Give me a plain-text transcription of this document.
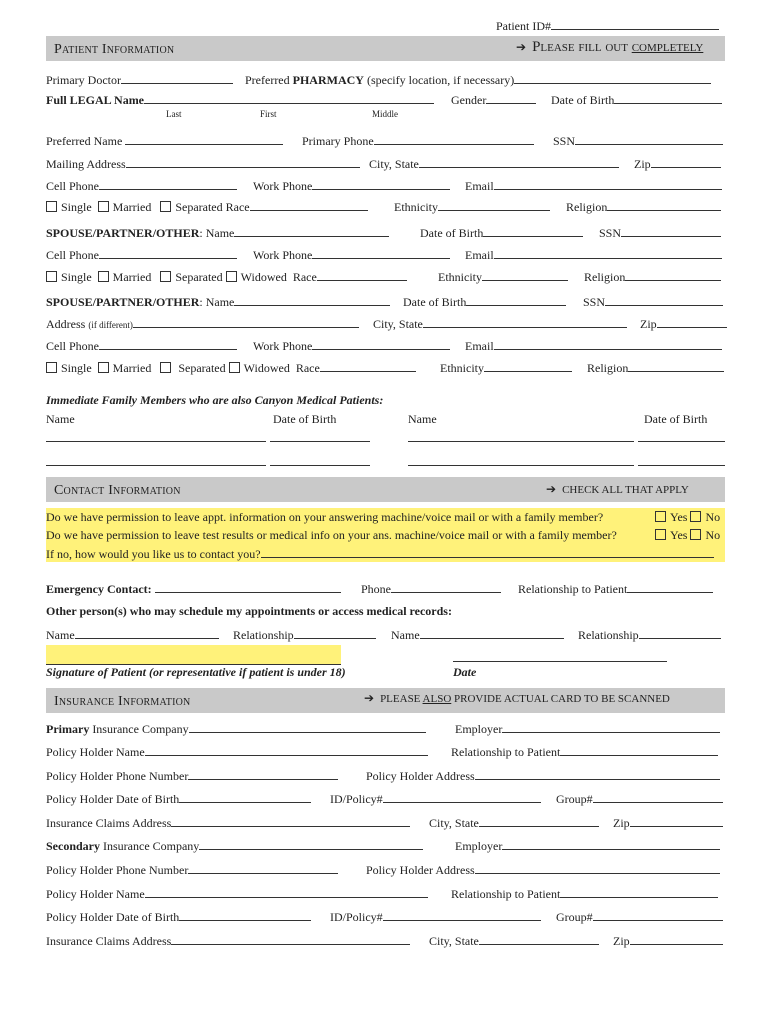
Patient ID#
Patient Information	➔ Please fill out completely
Primary Doctor	Preferred PHARMACY (specify location, if necessary)
Full LEGAL Name	Gender	Date of Birth
Last	First	Middle
Preferred Name	Primary Phone	SSN
Mailing Address	City, State	Zip
Cell Phone	Work Phone	Email
Single Married Separated Race	Ethnicity	Religion
SPOUSE/PARTNER/OTHER: Name	Date of Birth	SSN
Cell Phone	Work Phone	Email
Single Married Separated Widowed Race	Ethnicity	Religion
SPOUSE/PARTNER/OTHER: Name	Date of Birth	SSN
Address (if different)	City, State	Zip
Cell Phone	Work Phone	Email
Single Married Separated Widowed Race	Ethnicity	Religion
Immediate Family Members who are also Canyon Medical Patients:
Name	Date of Birth	Name	Date of Birth
Contact Information	➔ CHECK ALL THAT APPLY
Do we have permission to leave appt. information on your answering machine/voice mail or with a family member?	Yes No
Do we have permission to leave test results or medical info on your ans. machine/voice mail or with a family member?	Yes No
If no, how would you like us to contact you?
Emergency Contact:	Phone	Relationship to Patient
Other person(s) who may schedule my appointments or access medical records:
Name	Relationship	Name	Relationship
Signature of Patient (or representative if patient is under 18)	Date
Insurance Information	➔ PLEASE ALSO PROVIDE ACTUAL CARD TO BE SCANNED
Primary Insurance Company	Employer
Policy Holder Name	Relationship to Patient
Policy Holder Phone Number	Policy Holder Address
Policy Holder Date of Birth	ID/Policy#	Group#
Insurance Claims Address	City, State	Zip
Secondary Insurance Company	Employer
Policy Holder Phone Number	Policy Holder Address
Policy Holder Name	Relationship to Patient
Policy Holder Date of Birth	ID/Policy#	Group#
Insurance Claims Address	City, State	Zip
